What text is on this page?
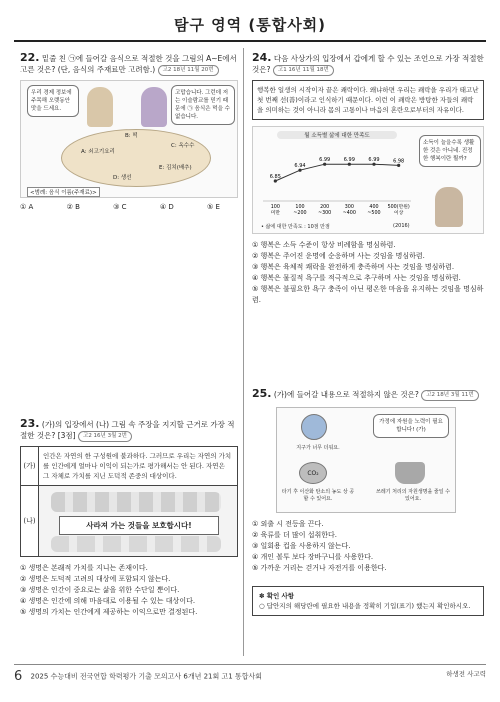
탐구 영역 (통합사회)
22. 밑줄 친 ㉠에 들어갈 음식으로 적절한 것을 그림의 A~E에서 고른 것은? (단, 음식의 주재료만 고려함.) 고2 18년 11월 20번
우리 경제 정보에 주목해 오랫동안 맛을 드세요.
고맙습니다. 그런데 저는 이슬람교를 믿기 때문에 ㉠ 음식은 먹을 수 없습니다.
A: 쇠고기요리
B: 떡
C: 옥수수
D: 생선
E: 김치(배추)
<범례: 음식 이름(주재료)>
① A	② B	③ C	④ D	⑤ E
23. (가)의 입장에서 (나) 그림 속 주장을 지지할 근거로 가장 적절한 것은? [3점] 고2 16년 3월 2번
(가)
인간은 자연의 한 구성원에 불과하다. 그러므로 우리는 자연의 가치를 인간에게 얼마나 이익이 되는가로 평가해서는 안 된다. 자연은 그 자체로 가치를 지닌 도덕적 존중의 대상이다.
(나)	사라져 가는 것들을 보호합시다!
① 생명은 본래적 가치를 지니는 존재이다.
② 생명은 도덕적 고려의 대상에 포함되지 않는다.
③ 생명은 인간이 중요로는 삶을 위한 수단일 뿐이다.
④ 생명은 인간에 의해 마음대로 이용될 수 있는 대상이다.
⑤ 생명의 가치는 인간에게 제공하는 이익으로만 결정된다.
24. 다음 사상가의 입장에서 갑에게 할 수 있는 조언으로 가장 적절한 것은? 고1 16년 11월 18번
행복한 일생의 시작이자 끝은 쾌락이다. 왜냐하면 우리는 쾌락을 우리가 태고난 첫 번째 선(善)이라고 인식하기 때문이다. 이런 이 쾌락은 방탕한 자들의 쾌락을 의미하는 것이 아니라 몸의 고통이나 마음의 혼란으로부터의 자유이다.
월 소득별 삶에 대한 만족도
6.85
100
미만
6.94
100
~200
6.99
200
~300
6.99
300
~400
6.99
400
~500
6.98
500(만원)
이상
• 삶에 대한 만족도 : 10점 만점	(2016)
소득이 늘을수록 생활한 것은 아니네. 진정한 행복이란 뭘까?
① 행복은 소득 수준이 항상 비례함을 명심하렴.
② 행복은 주어진 운명에 순응하며 사는 것임을 명심하렴.
③ 행복은 육체적 쾌락을 완전하게 충족하며 사는 것임을 명심하렴.
④ 행복은 물질적 욕구를 적극적으로 추구하며 사는 것임을 명심하렴.
⑤ 행복은 불필요한 욕구 충족이 아닌 평온한 마음을 유지하는 것임을 명심하렴.
25. (가)에 들어갈 내용으로 적절하지 않은 것은? 고2 18년 3월 11번
지구가 너무 더워요.
가정에 자원을 노력이 필요합니다! (가)
CO₂
타기 후 이산화 탄소의 농도 상 공할 수 있어요.
쓰레기 처리의 자원생명을 줄일 수 있어요.
① 외출 시 전등을 끈다.
② 육류를 더 많이 섭취한다.
③ 일회용 컵을 사용하지 않는다.
④ 개인 볼투 보다 장바구니를 사용한다.
⑤ 가까운 거리는 걷거나 자전거를 이용한다.
✽ 확인 사항
○ 답안지의 해당란에 필요한 내용을 정확히 기입(표기) 했는지 확인하시오.
6 2025 수능대비 전국연합 학력평가 기출 모의고사 6개년 21회 고1 통합사회	하생전 사고력
